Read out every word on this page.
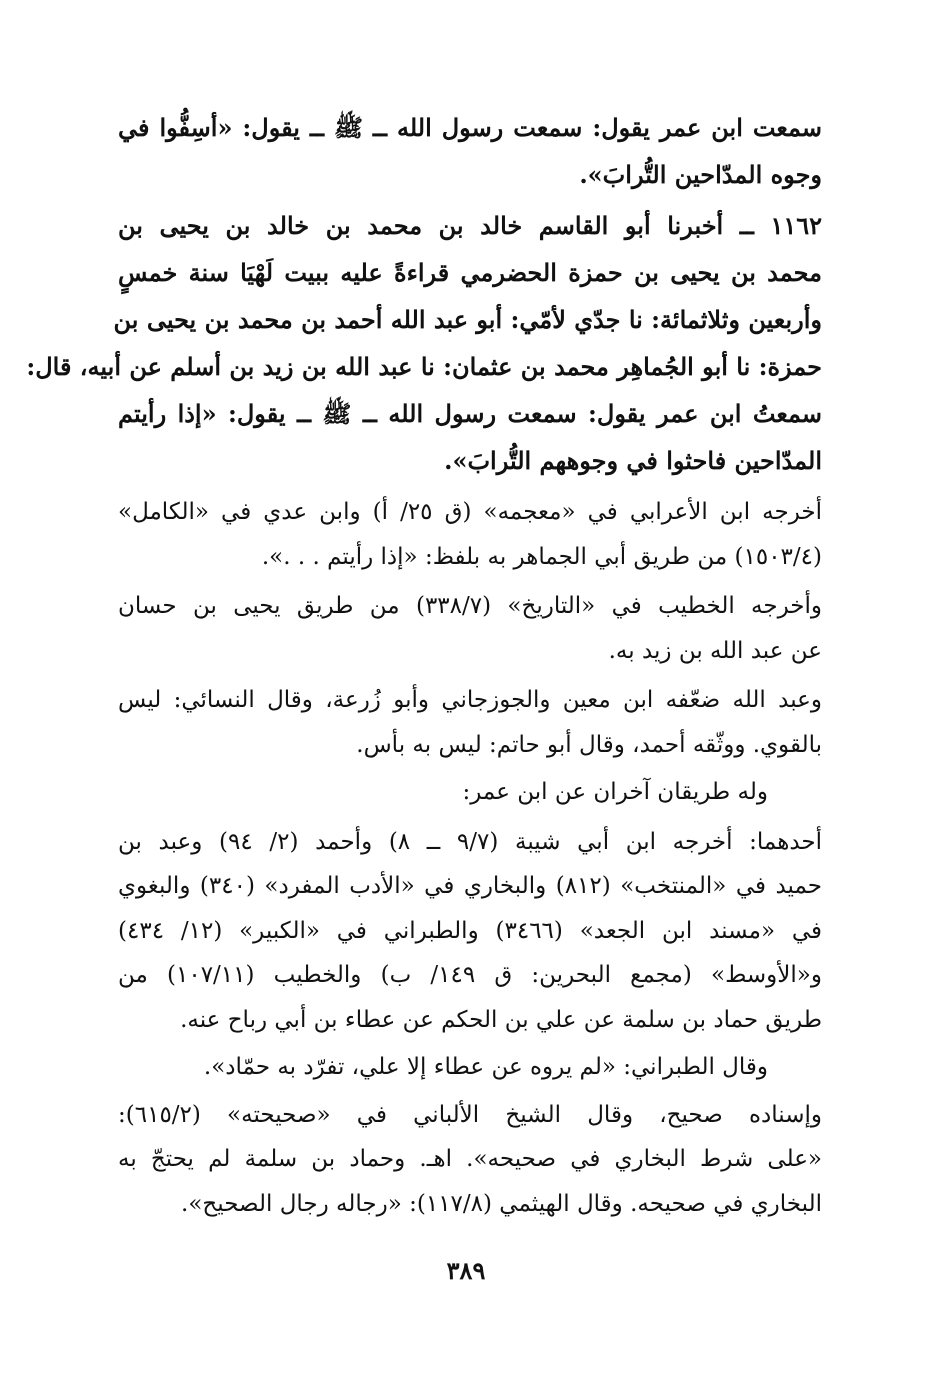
سمعت ابن عمر يقول: سمعت رسول الله ــ ﷺ ــ يقول: «أسِفُّوا في
وجوه المدّاحين التُّرابَ».
١١٦٢ ــ أخبرنا أبو القاسم خالد بن محمد بن خالد بن يحيى بن
محمد بن يحيى بن حمزة الحضرمي قراءةً عليه ببيت لَهْيَا سنة خمسٍ
وأربعين وثلاثمائة: نا جدّي لأمّي: أبو عبد الله أحمد بن محمد بن يحيى بن
حمزة: نا أبو الجُماهِر محمد بن عثمان: نا عبد الله بن زيد بن أسلم عن أبيه، قال:
سمعتُ ابن عمر يقول: سمعت رسول الله ــ ﷺ ــ يقول: «إذا رأيتم
المدّاحين فاحثوا في وجوههم التُّرابَ».
أخرجه ابن الأعرابي في «معجمه» (ق ٢٥/ أ) وابن عدي في «الكامل»
(١٥٠٣/٤) من طريق أبي الجماهر به بلفظ: «إذا رأيتم . . .».
وأخرجه الخطيب في «التاريخ» (٣٣٨/٧) من طريق يحيى بن حسان
عن عبد الله بن زيد به.
وعبد الله ضعّفه ابن معين والجوزجاني وأبو زُرعة، وقال النسائي: ليس
بالقوي. ووثّقه أحمد، وقال أبو حاتم: ليس به بأس.
وله طريقان آخران عن ابن عمر:
أحدهما: أخرجه ابن أبي شيبة (٩/٧ ــ ٨) وأحمد (٢/ ٩٤) وعبد بن
حميد في «المنتخب» (٨١٢) والبخاري في «الأدب المفرد» (٣٤٠) والبغوي
في «مسند ابن الجعد» (٣٤٦٦) والطبراني في «الكبير» (١٢/ ٤٣٤)
و«الأوسط» (مجمع البحرين: ق ١٤٩/ ب) والخطيب (١٠٧/١١) من
طريق حماد بن سلمة عن علي بن الحكم عن عطاء بن أبي رباح عنه.
وقال الطبراني: «لم يروه عن عطاء إلا علي، تفرّد به حمّاد».
وإسناده صحيح، وقال الشيخ الألباني في «صحيحته» (٦١٥/٢):
«على شرط البخاري في صحيحه». اهـ. وحماد بن سلمة لم يحتجّ به
البخاري في صحيحه. وقال الهيثمي (١١٧/٨): «رجاله رجال الصحيح».
٣٨٩
